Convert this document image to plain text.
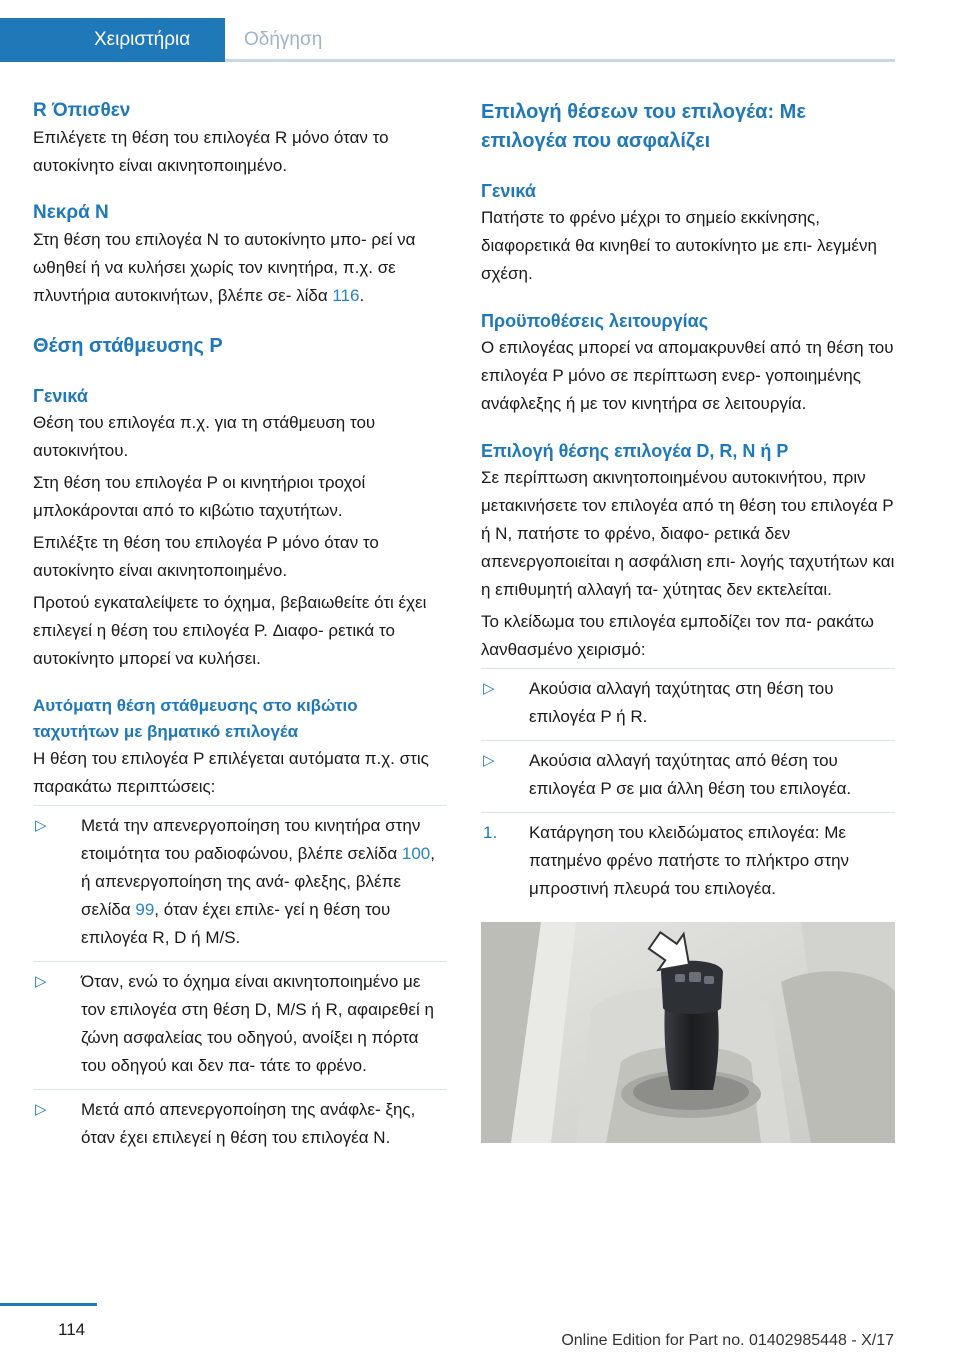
Χειριστήρια	Οδήγηση
R Όπισθεν

Επιλέγετε τη θέση του επιλογέα R μόνο όταν το αυτοκίνητο είναι ακινητοποιημένο.

Νεκρά N

Στη θέση του επιλογέα N το αυτοκίνητο μπο‐ ρεί να ωθηθεί ή να κυλήσει χωρίς τον κινητήρα, π.χ. σε πλυντήρια αυτοκινήτων, βλέπε σε‐ λίδα 116.

Θέση στάθμευσης P
Γενικά

Θέση του επιλογέα π.χ. για τη στάθμευση του αυτοκινήτου.

Στη θέση του επιλογέα P οι κινητήριοι τροχοί μπλοκάρονται από το κιβώτιο ταχυτήτων.

Επιλέξτε τη θέση του επιλογέα P μόνο όταν το αυτοκίνητο είναι ακινητοποιημένο.

Προτού εγκαταλείψετε το όχημα, βεβαιωθείτε ότι έχει επιλεγεί η θέση του επιλογέα P. Διαφο‐ ρετικά το αυτοκίνητο μπορεί να κυλήσει.

Αυτόματη θέση στάθμευσης στο κιβώτιο ταχυτήτων με βηματικό επιλογέα

Η θέση του επιλογέα P επιλέγεται αυτόματα π.χ. στις παρακάτω περιπτώσεις:

▷ Μετά την απενεργοποίηση του κινητήρα στην ετοιμότητα του ραδιοφώνου, βλέπε σελίδα 100, ή απενεργοποίηση της ανά‐ φλεξης, βλέπε σελίδα 99, όταν έχει επιλε‐ γεί η θέση του επιλογέα R, D ή M/S.
▷ Όταν, ενώ το όχημα είναι ακινητοποιημένο με τον επιλογέα στη θέση D, M/S ή R, αφαιρεθεί η ζώνη ασφαλείας του οδηγού, ανοίξει η πόρτα του οδηγού και δεν πα‐ τάτε το φρένο.
▷ Μετά από απενεργοποίηση της ανάφλε‐ ξης, όταν έχει επιλεγεί η θέση του επιλογέα N.
Επιλογή θέσεων του επιλογέα: Με επιλογέα που ασφαλίζει
Γενικά

Πατήστε το φρένο μέχρι το σημείο εκκίνησης, διαφορετικά θα κινηθεί το αυτοκίνητο με επι‐ λεγμένη σχέση.

Προϋποθέσεις λειτουργίας

Ο επιλογέας μπορεί να απομακρυνθεί από τη θέση του επιλογέα P μόνο σε περίπτωση ενερ‐ γοποιημένης ανάφλεξης ή με τον κινητήρα σε λειτουργία.

Επιλογή θέσης επιλογέα D, R, N ή P

Σε περίπτωση ακινητοποιημένου αυτοκινήτου, πριν μετακινήσετε τον επιλογέα από τη θέση του επιλογέα P ή N, πατήστε το φρένο, διαφο‐ ρετικά δεν απενεργοποιείται η ασφάλιση επι‐ λογής ταχυτήτων και η επιθυμητή αλλαγή τα‐ χύτητας δεν εκτελείται.

Το κλείδωμα του επιλογέα εμποδίζει τον πα‐ ρακάτω λανθασμένο χειρισμό:

▷ Ακούσια αλλαγή ταχύτητας στη θέση του επιλογέα P ή R.
▷ Ακούσια αλλαγή ταχύτητας από θέση του επιλογέα P σε μια άλλη θέση του επιλογέα.
1. Κατάργηση του κλειδώματος επιλογέα: Με πατημένο φρένο πατήστε το πλήκτρο στην μπροστινή πλευρά του επιλογέα.
114
Online Edition for Part no. 01402985448 - X/17
